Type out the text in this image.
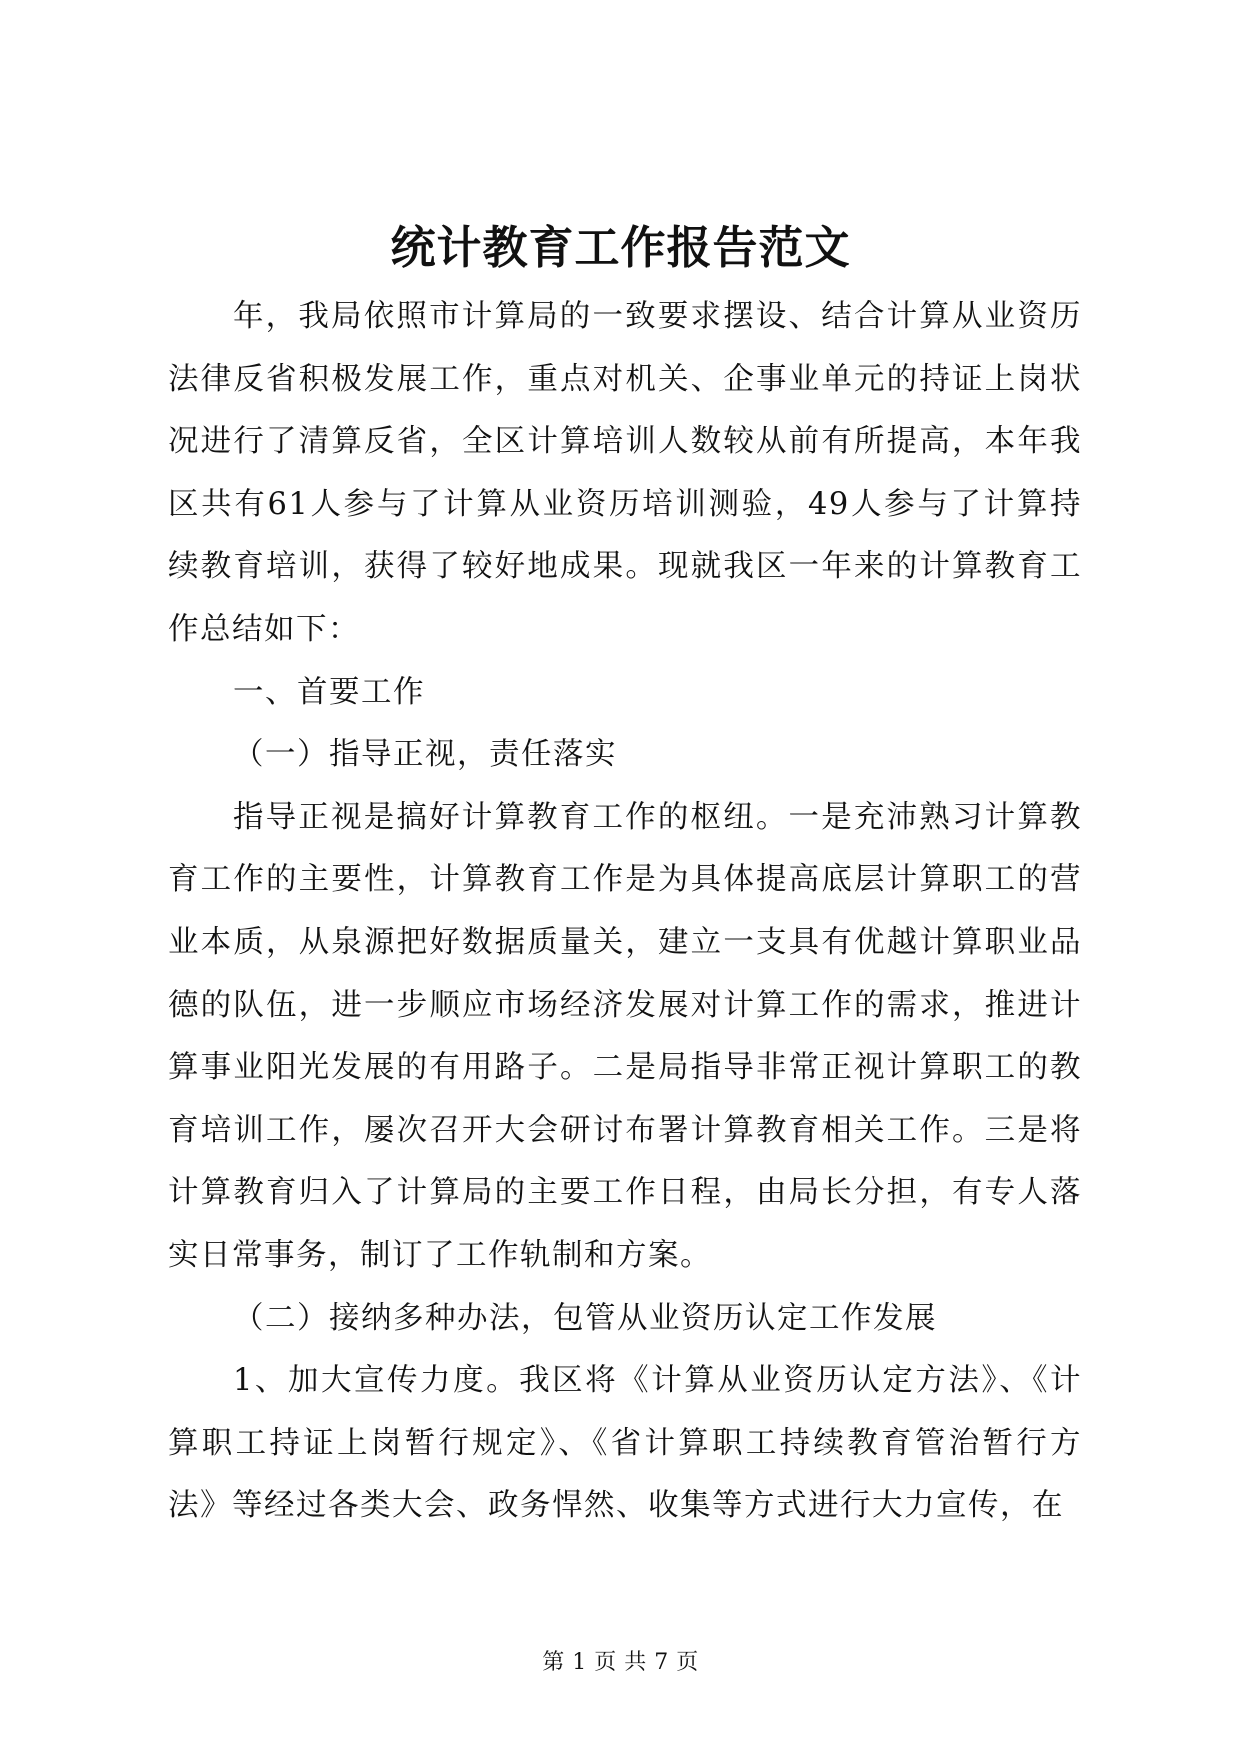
统计教育工作报告范文

年，我局依照市计算局的一致要求摆设、结合计算从业资历法律反省积极发展工作，重点对机关、企事业单元的持证上岗状况进行了清算反省，全区计算培训人数较从前有所提高，本年我区共有61人参与了计算从业资历培训测验，49人参与了计算持续教育培训，获得了较好地成果。现就我区一年来的计算教育工作总结如下：

一、首要工作

（一）指导正视，责任落实

指导正视是搞好计算教育工作的枢纽。一是充沛熟习计算教育工作的主要性，计算教育工作是为具体提高底层计算职工的营业本质，从泉源把好数据质量关，建立一支具有优越计算职业品德的队伍，进一步顺应市场经济发展对计算工作的需求，推进计算事业阳光发展的有用路子。二是局指导非常正视计算职工的教育培训工作，屡次召开大会研讨布署计算教育相关工作。三是将计算教育归入了计算局的主要工作日程，由局长分担，有专人落实日常事务，制订了工作轨制和方案。

（二）接纳多种办法，包管从业资历认定工作发展

1、加大宣传力度。我区将《计算从业资历认定方法》、《计算职工持证上岗暂行规定》、《省计算职工持续教育管治暂行方法》等经过各类大会、政务悍然、收集等方式进行大力宣传，在

第 1 页 共 7 页
